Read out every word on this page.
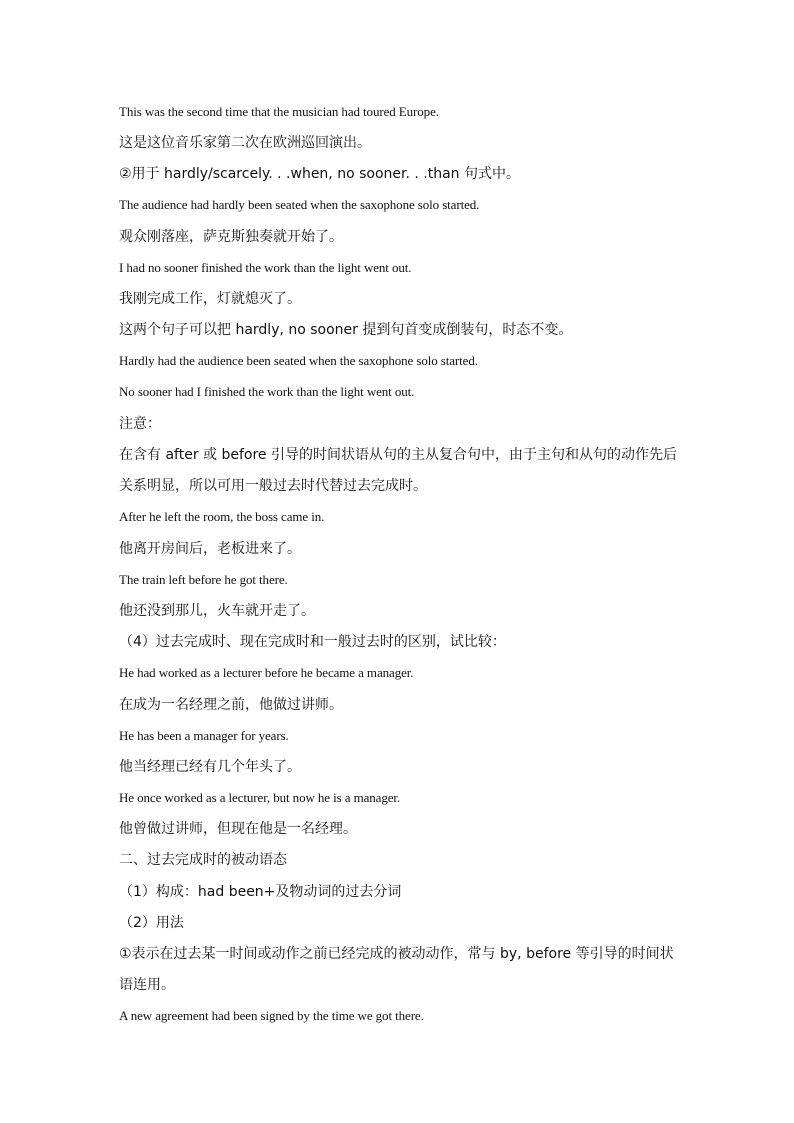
This was the second time that the musician had toured Europe.
这是这位音乐家第二次在欧洲巡回演出。
②用于 hardly/scarcely. . .when, no sooner. . .than 句式中。
The audience had hardly been seated when the saxophone solo started.
观众刚落座，萨克斯独奏就开始了。
I had no sooner finished the work than the light went out.
我刚完成工作，灯就熄灭了。
这两个句子可以把 hardly, no sooner 提到句首变成倒装句，时态不变。
Hardly had the audience been seated when the saxophone solo started.
No sooner had I finished the work than the light went out.
注意：
在含有 after 或 before 引导的时间状语从句的主从复合句中，由于主句和从句的动作先后
关系明显，所以可用一般过去时代替过去完成时。
After he left the room, the boss came in.
他离开房间后，老板进来了。
The train left before he got there.
他还没到那儿，火车就开走了。
（4）过去完成时、现在完成时和一般过去时的区别，试比较：
He had worked as a lecturer before he became a manager.
在成为一名经理之前，他做过讲师。
He has been a manager for years.
他当经理已经有几个年头了。
He once worked as a lecturer, but now he is a manager.
他曾做过讲师，但现在他是一名经理。
二、过去完成时的被动语态
（1）构成：had been+及物动词的过去分词
（2）用法
①表示在过去某一时间或动作之前已经完成的被动动作，常与 by, before 等引导的时间状
语连用。
A new agreement had been signed by the time we got there.
